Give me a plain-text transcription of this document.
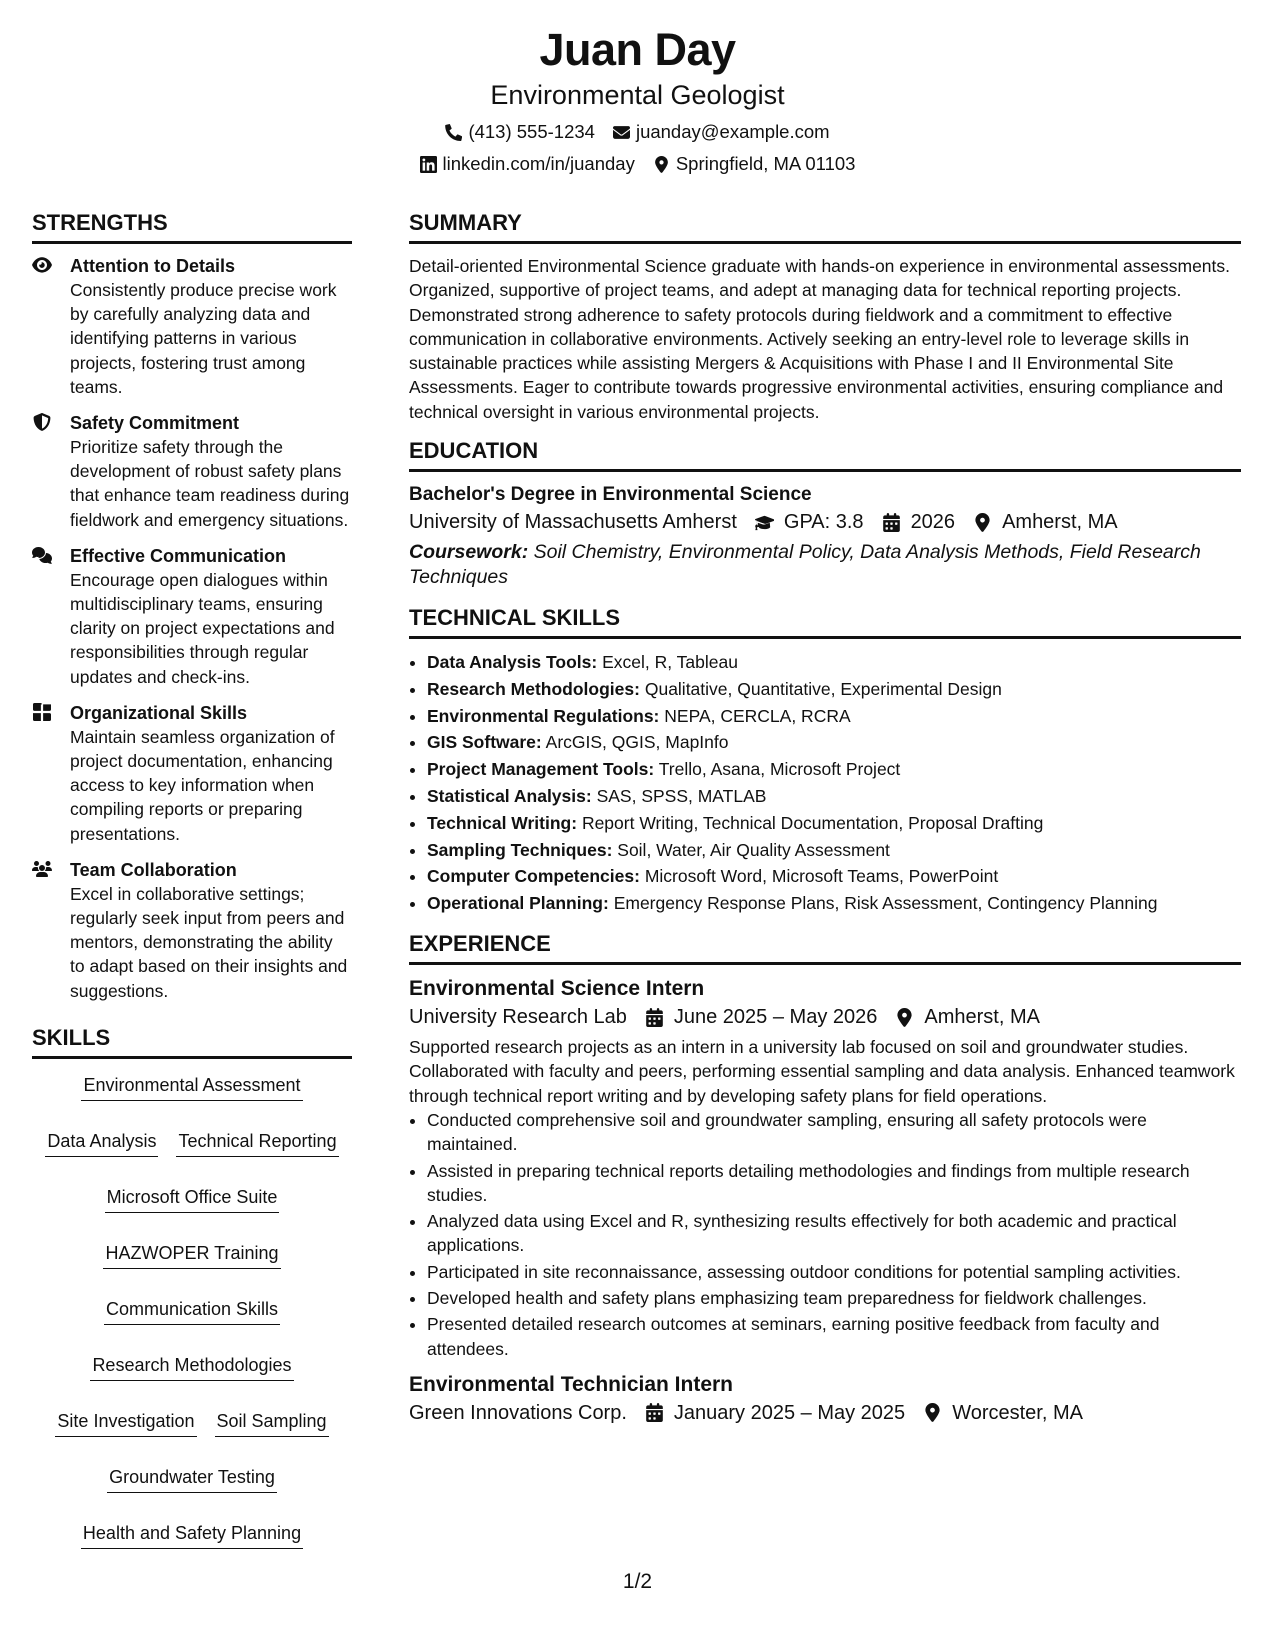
Juan Day
Environmental Geologist
(413) 555-1234 juanday@example.com
linkedin.com/in/juanday Springfield, MA 01103
STRENGTHS
Attention to Details
Consistently produce precise work by carefully analyzing data and identifying patterns in various projects, fostering trust among teams.
Safety Commitment
Prioritize safety through the development of robust safety plans that enhance team readiness during fieldwork and emergency situations.
Effective Communication
Encourage open dialogues within multidisciplinary teams, ensuring clarity on project expectations and responsibilities through regular updates and check-ins.
Organizational Skills
Maintain seamless organization of project documentation, enhancing access to key information when compiling reports or preparing presentations.
Team Collaboration
Excel in collaborative settings; regularly seek input from peers and mentors, demonstrating the ability to adapt based on their insights and suggestions.
SKILLS
Environmental Assessment
Data Analysis Technical Reporting
Microsoft Office Suite
HAZWOPER Training
Communication Skills
Research Methodologies
Site Investigation Soil Sampling
Groundwater Testing
Health and Safety Planning
SUMMARY
Detail-oriented Environmental Science graduate with hands-on experience in environmental assessments. Organized, supportive of project teams, and adept at managing data for technical reporting projects. Demonstrated strong adherence to safety protocols during fieldwork and a commitment to effective communication in collaborative environments. Actively seeking an entry-level role to leverage skills in sustainable practices while assisting Mergers & Acquisitions with Phase I and II Environmental Site Assessments. Eager to contribute towards progressive environmental activities, ensuring compliance and technical oversight in various environmental projects.
EDUCATION
Bachelor's Degree in Environmental Science
University of Massachusetts Amherst GPA: 3.8 2026 Amherst, MA
Coursework: Soil Chemistry, Environmental Policy, Data Analysis Methods, Field Research Techniques
TECHNICAL SKILLS
• Data Analysis Tools: Excel, R, Tableau
• Research Methodologies: Qualitative, Quantitative, Experimental Design
• Environmental Regulations: NEPA, CERCLA, RCRA
• GIS Software: ArcGIS, QGIS, MapInfo
• Project Management Tools: Trello, Asana, Microsoft Project
• Statistical Analysis: SAS, SPSS, MATLAB
• Technical Writing: Report Writing, Technical Documentation, Proposal Drafting
• Sampling Techniques: Soil, Water, Air Quality Assessment
• Computer Competencies: Microsoft Word, Microsoft Teams, PowerPoint
• Operational Planning: Emergency Response Plans, Risk Assessment, Contingency Planning
EXPERIENCE
Environmental Science Intern
University Research Lab June 2025 – May 2026 Amherst, MA
Supported research projects as an intern in a university lab focused on soil and groundwater studies. Collaborated with faculty and peers, performing essential sampling and data analysis. Enhanced teamwork through technical report writing and by developing safety plans for field operations.
• Conducted comprehensive soil and groundwater sampling, ensuring all safety protocols were maintained.
• Assisted in preparing technical reports detailing methodologies and findings from multiple research studies.
• Analyzed data using Excel and R, synthesizing results effectively for both academic and practical applications.
• Participated in site reconnaissance, assessing outdoor conditions for potential sampling activities.
• Developed health and safety plans emphasizing team preparedness for fieldwork challenges.
• Presented detailed research outcomes at seminars, earning positive feedback from faculty and attendees.
Environmental Technician Intern
Green Innovations Corp. January 2025 – May 2025 Worcester, MA
1/2
